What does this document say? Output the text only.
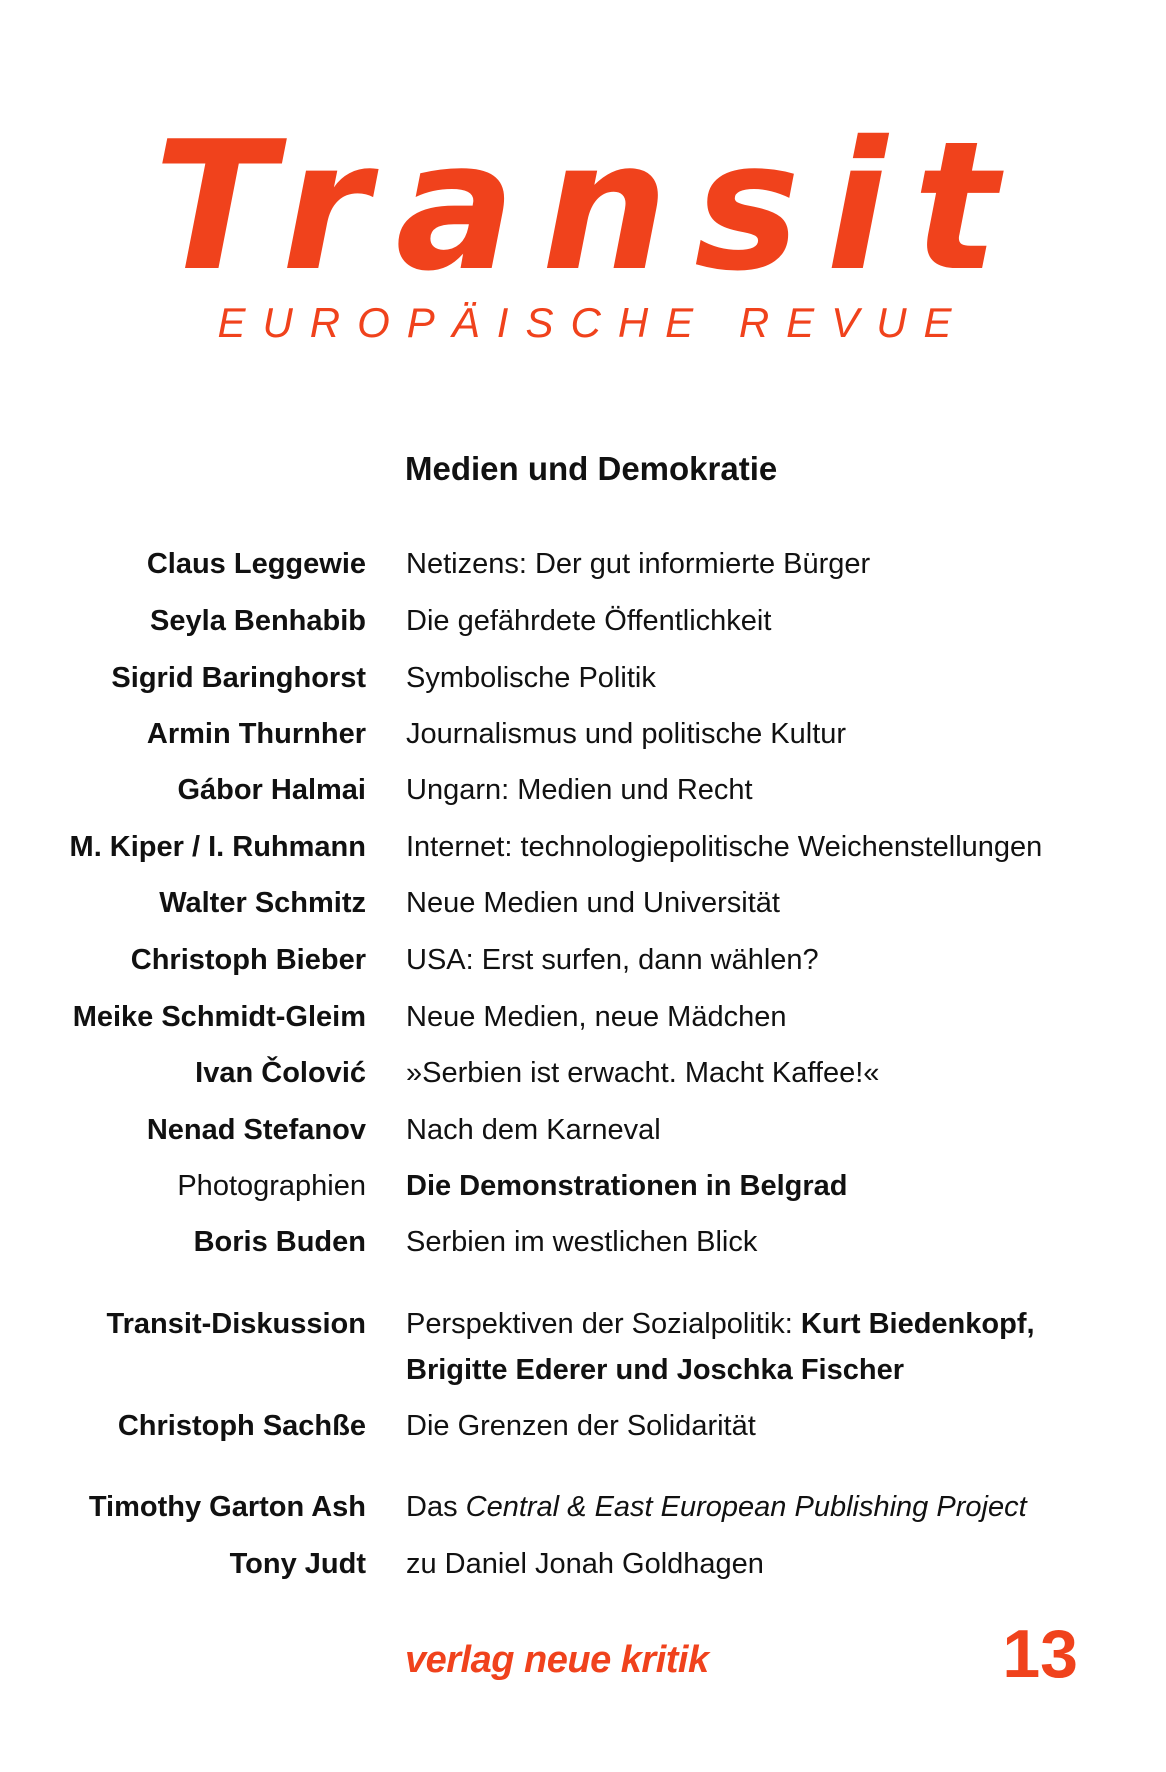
Transit
EUROPÄISCHE REVUE
Medien und Demokratie
Claus Leggewie Netizens: Der gut informierte Bürger
Seyla Benhabib Die gefährdete Öffentlichkeit
Sigrid Baringhorst Symbolische Politik
Armin Thurnher Journalismus und politische Kultur
Gábor Halmai Ungarn: Medien und Recht
M. Kiper / I. Ruhmann Internet: technologiepolitische Weichenstellungen
Walter Schmitz Neue Medien und Universität
Christoph Bieber USA: Erst surfen, dann wählen?
Meike Schmidt-Gleim Neue Medien, neue Mädchen
Ivan Čolović »Serbien ist erwacht. Macht Kaffee!«
Nenad Stefanov Nach dem Karneval
Photographien Die Demonstrationen in Belgrad
Boris Buden Serbien im westlichen Blick
Transit-Diskussion Perspektiven der Sozialpolitik: Kurt Biedenkopf,
Brigitte Ederer und Joschka Fischer
Christoph Sachße Die Grenzen der Solidarität
Timothy Garton Ash Das Central & East European Publishing Project
Tony Judt zu Daniel Jonah Goldhagen
verlag neue kritik	13
